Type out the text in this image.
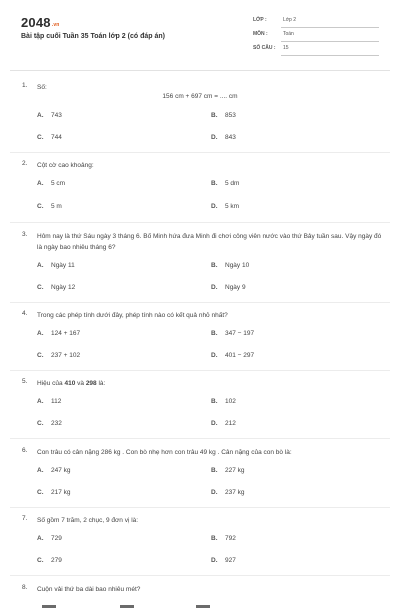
2048.vn
Bài tập cuối Tuần 35 Toán lớp 2 (có đáp án)
LỚP :	Lớp 2
MÔN :	Toán
SỐ CÂU : 15
1. Số:
156 cm + 697 cm = .... cm
A. 743	B. 853
C. 744	D. 843
2. Cột cờ cao khoảng:
A. 5 cm	B. 5 dm
C. 5 m	D. 5 km
3. Hôm nay là thứ Sáu ngày 3 tháng 6. Bố Minh hứa đưa Minh đi chơi công viên nước vào thứ Bảy tuần sau. Vậy ngày đó là ngày bao nhiêu tháng 6?
A. Ngày 11	B. Ngày 10
C. Ngày 12	D. Ngày 9
4. Trong các phép tính dưới đây, phép tính nào có kết quả nhỏ nhất?
A. 124 + 167	B. 347 − 197
C. 237 + 102	D. 401 − 297
5. Hiệu của 410 và 298 là:
A. 112	B. 102
C. 232	D. 212
6. Con trâu có cân nặng 286 kg . Con bò nhẹ hơn con trâu 49 kg . Cân nặng của con bò là:
A. 247 kg	B. 227 kg
C. 217 kg	D. 237 kg
7. Số gồm 7 trăm, 2 chục, 9 đơn vị là:
A. 729	B. 792
C. 279	D. 927
8. Cuộn vải thứ ba dài bao nhiêu mét?
